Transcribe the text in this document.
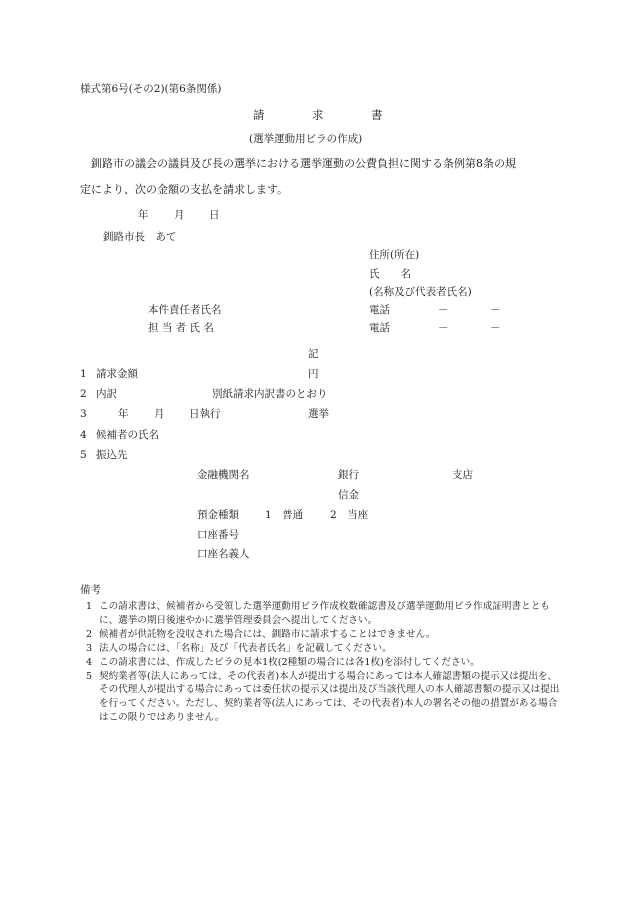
様式第6号(その2)(第6条関係)
請	求	書
(選挙運動用ビラの作成)
釧路市の議会の議員及び長の選挙における選挙運動の公費負担に関する条例第8条の規
定により、次の金額の支払を請求します。
年 月 日
釧路市長　あて
住所(所在)
氏　　名
(名称及び代表者氏名)
本件責任者氏名	電話	－	－
担 当 者 氏 名	電話	－	－
記
1 請求金額	円
2 内訳	別紙請求内訳書のとおり
3	年 月 日執行	選挙
4 候補者の氏名
5 振込先
金融機関名	銀行	支店
信金
預金種類 1　普通	2　当座
口座番号
口座名義人
備考
1 この請求書は、候補者から受領した選挙運動用ビラ作成枚数確認書及び選挙運動用ビラ作成証明書とともに、選挙の期日後速やかに選挙管理委員会へ提出してください。
2 候補者が供託物を没収された場合には、釧路市に請求することはできません。
3 法人の場合には、「名称」及び「代表者氏名」を記載してください。
4 この請求書には、作成したビラの見本1枚(2種類の場合には各1枚)を添付してください。
5 契約業者等(法人にあっては、その代表者)本人が提出する場合にあっては本人確認書類の提示又は提出を、その代理人が提出する場合にあっては委任状の提示又は提出及び当該代理人の本人確認書類の提示又は提出を行ってください。ただし、契約業者等(法人にあっては、その代表者)本人の署名その他の措置がある場合はこの限りではありません。
